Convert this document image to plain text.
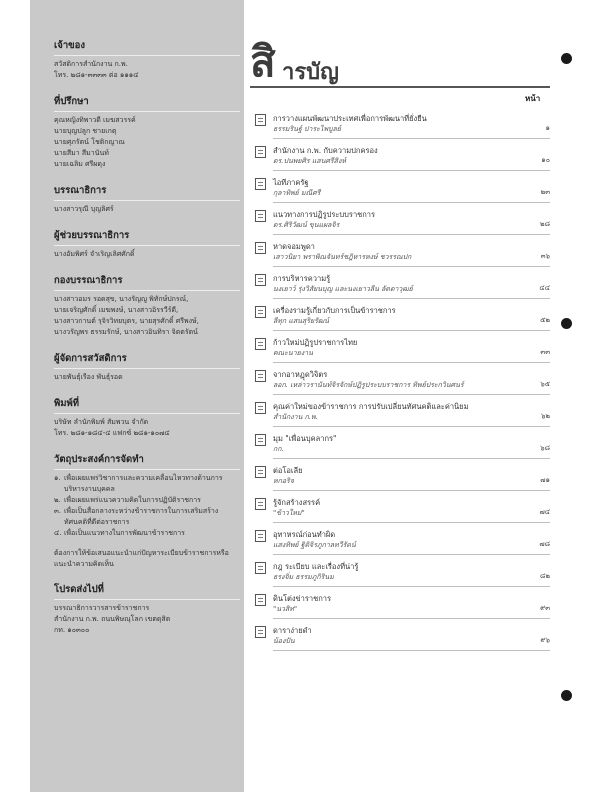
เจ้าของ
สวัสดิการสำนักงาน ก.พ.
โทร. ๒๘๑-๓๓๓๓ ต่อ ๑๑๑๔
ที่ปรึกษา
คุณหญิงทิพาวดี เมฆสวรรค์
นายบุญปลูก ชายเกตุ
นายศุภรัตน์ โชติกญาณ
นายสีมา สีมานันท์
นายเฉลิม ศรีผดุง
บรรณาธิการ
นางสาวรุณี บุญลิศร์
ผู้ช่วยบรรณาธิการ
นางอัมพิศร์ จำเริญเลิศศักดิ์
กองบรรณาธิการ
นางสาวอมร รอดสุข, นางรัญญู พิทักษ์ปกรณ์,
นายเจริญศักดิ์ เมฆพงษ์, นางสาวอิรรวีร์ดี,
นางสาวกานต์ รุจิรวิทยบุตร, นายสุรศักดิ์ ศรีพงษ์,
นางวรัญพร ธรรมรักษ์, นางสาวอินทิรา จิตตรัตน์
ผู้จัดการสวัสดิการ
นายพันธุ์เรือง พันธุ์รอด
พิมพ์ที่
บริษัท ลำนักพิมพ์ สัมพวน จำกัด
โทร. ๒๘๑-๑๘๔-๔ แฟกซ์ ๒๘๑-๑๐๗๔
วัตถุประสงค์การจัดทำ
๑. เพื่อเผยแพร่วิชาการและความเคลื่อนไหวทางด้านการบริหารงานบุคคล
๒. เพื่อเผยแพร่แนวความคิดในการปฏิบัติราชการ
๓. เพื่อเป็นสื่อกลางระหว่างข้าราชการในการเสริมสร้างทัศนคติที่ดีต่อราชการ
๔. เพื่อเป็นแนวทางในการพัฒนาข้าราชการ
ต้องการให้ข้อเสนอแนะนำแก่ปัญหาระเบียบข้าราชการหรือแนะนำความคิดเห็น
โปรดส่งไปที่
บรรณาธิการวารสารข้าราชการ
สำนักงาน ก.พ. ถนนพิษณุโลก เขตดุสิต
กท. ๑๐๓๐๐
สิ ารบัญ
หน้า
การวางแผนพัฒนาประเทศเพื่อการพัฒนาที่ยั่งยืน
ธรรมรินฐ์ ปาระไพบูลย์	๑
สำนักงาน ก.พ. กับความปกครอง
ดร.ปนพยศิร แสนศรีสิงห์	๑๐
ไอทีภาครัฐ
กุลาทิพย์ มณีศรี	๒๓
แนวทางการปฏิรูประบบราชการ
ดร.ศิริวัฒน์ ขุนแผลจิร	๒๘
หาดจอมพูดา
เสาวนิยา พราพิณจันทร์ชฎิหารหงษ์ ชวรรณปก	๓๖
การบริหารความรู้
นงเยาว์ รุ่งวิสัยนบุญ และนงเยาวลีน ลัดดาวุฒย์	๔๔
เครื่องรามรู้เกี่ยวกับการเป็นข้าราชการ
ลีทุก แสนสุริยรัฒน์	๕๒
ก้าวใหม่ปฏิรูปราชการไทย
คณะนายงาน	๓๓
จากอาหฏุดวิจิตร
ลอก. เหล่าวรานันท์จิรจักษ์ปฏิรูประบบราชการ ทิพย์ประกวินศนร์	๖๕
คุณค่าใหม่ของข้าราชการ การปรับเปลี่ยนทัศนคติและค่านิยม
สำนักงาน ก.พ.	๖๒
มุม "เพื่อนบุคลากร"
กก.	๖๘
ต่อโอเลีย
หกอริจ	๗๑
รู้จักสร้างสรรค์
"ข้าวใหม่"	๗๔
อุทาหรณ์ก่อนทำผิด
แสงทิพย์ ฐิติจิรภูกาลทวีรัตน์	๗๘
กฎ ระเบียบ และเรื่องที่น่ารู้
ธรงจิ่ม ธรรมภูกิรินม	๘๒
ดินโต่งข่าราชการ
"นวสิท"	๙๓
ดาราง่ายดำ
น้องปัน	๙๖
